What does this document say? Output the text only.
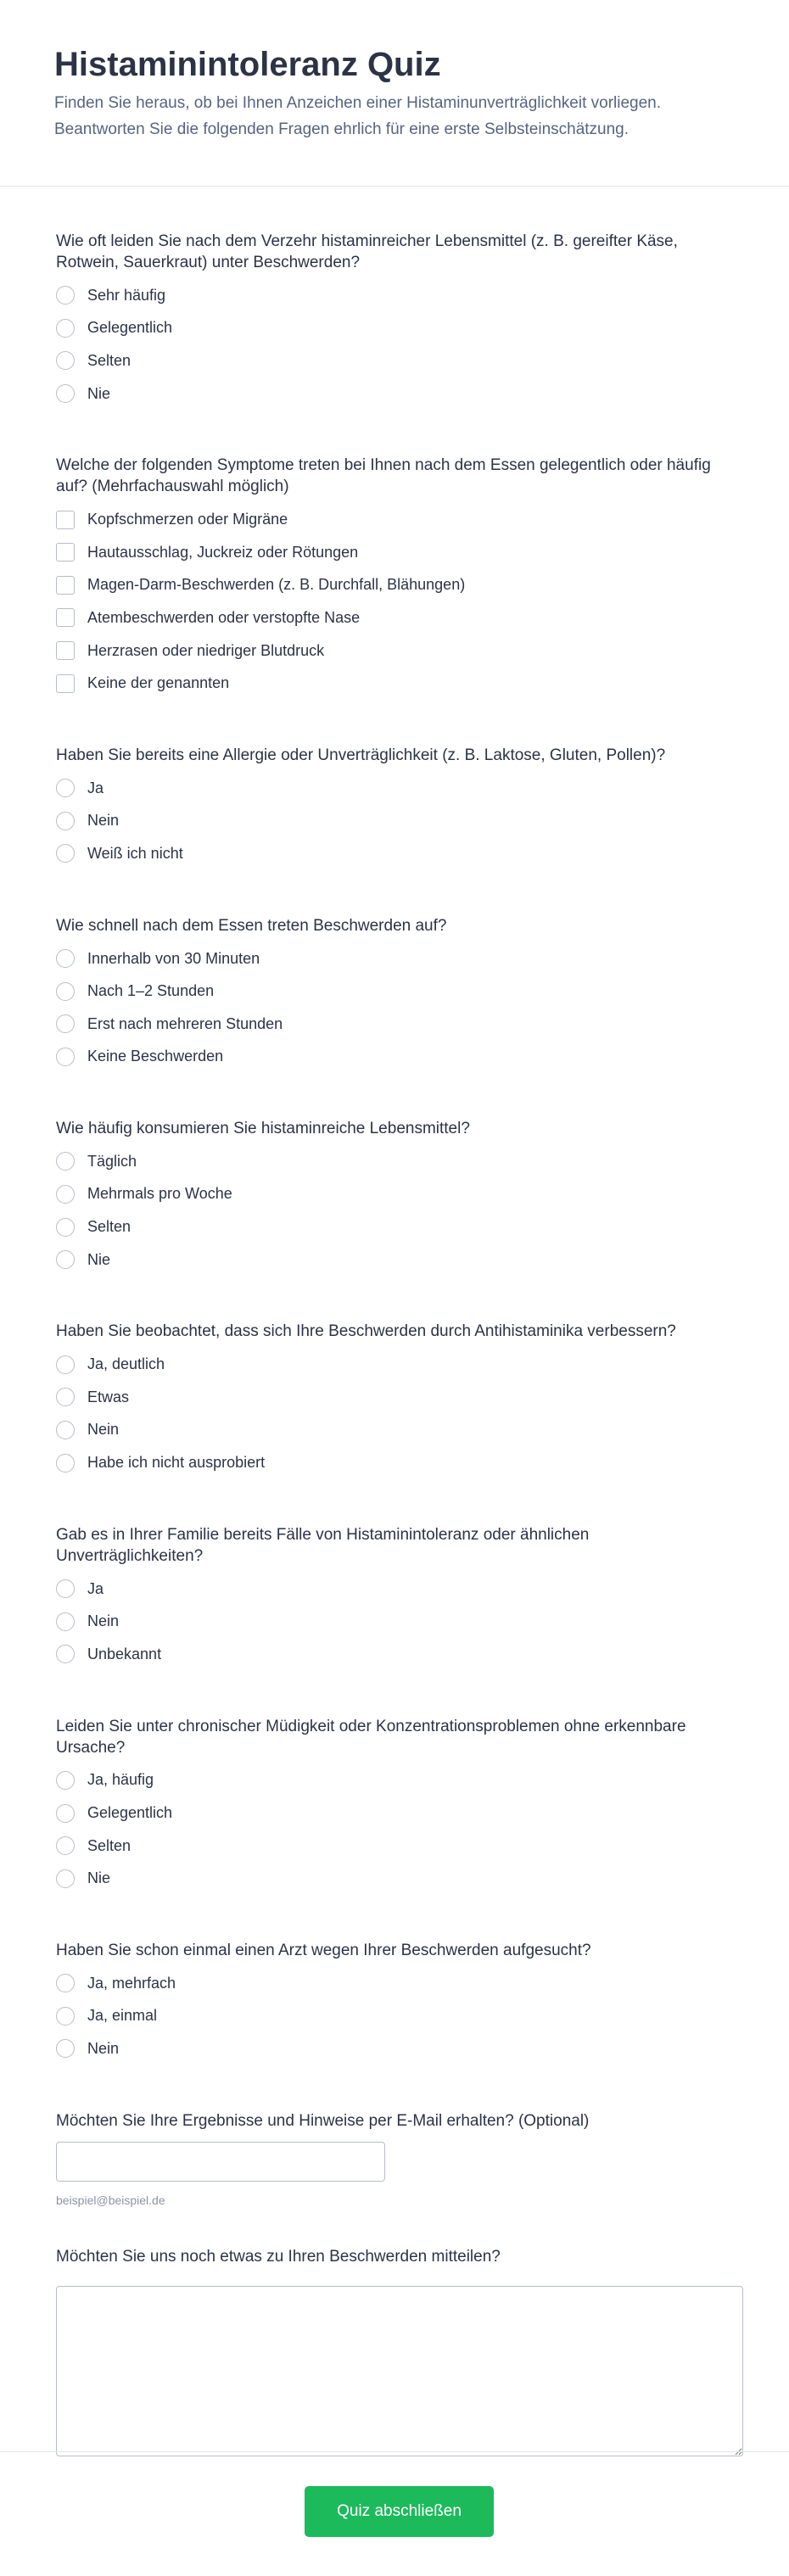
Histaminintoleranz Quiz

Finden Sie heraus, ob bei Ihnen Anzeichen einer Histaminunverträglichkeit vorliegen. Beantworten Sie die folgenden Fragen ehrlich für eine erste Selbsteinschätzung.

Wie oft leiden Sie nach dem Verzehr histaminreicher Lebensmittel (z. B. gereifter Käse, Rotwein, Sauerkraut) unter Beschwerden?
Sehr häufig
Gelegentlich
Selten
Nie
Welche der folgenden Symptome treten bei Ihnen nach dem Essen gelegentlich oder häufig auf? (Mehrfachauswahl möglich)
Kopfschmerzen oder Migräne
Hautausschlag, Juckreiz oder Rötungen
Magen-Darm-Beschwerden (z. B. Durchfall, Blähungen)
Atembeschwerden oder verstopfte Nase
Herzrasen oder niedriger Blutdruck
Keine der genannten
Haben Sie bereits eine Allergie oder Unverträglichkeit (z. B. Laktose, Gluten, Pollen)?
Ja
Nein
Weiß ich nicht
Wie schnell nach dem Essen treten Beschwerden auf?
Innerhalb von 30 Minuten
Nach 1–2 Stunden
Erst nach mehreren Stunden
Keine Beschwerden
Wie häufig konsumieren Sie histaminreiche Lebensmittel?
Täglich
Mehrmals pro Woche
Selten
Nie
Haben Sie beobachtet, dass sich Ihre Beschwerden durch Antihistaminika verbessern?
Ja, deutlich
Etwas
Nein
Habe ich nicht ausprobiert
Gab es in Ihrer Familie bereits Fälle von Histaminintoleranz oder ähnlichen Unverträglichkeiten?
Ja
Nein
Unbekannt
Leiden Sie unter chronischer Müdigkeit oder Konzentrationsproblemen ohne erkennbare Ursache?
Ja, häufig
Gelegentlich
Selten
Nie
Haben Sie schon einmal einen Arzt wegen Ihrer Beschwerden aufgesucht?
Ja, mehrfach
Ja, einmal
Nein
Möchten Sie Ihre Ergebnisse und Hinweise per E-Mail erhalten? (Optional)
beispiel@beispiel.de
Möchten Sie uns noch etwas zu Ihren Beschwerden mitteilen?
Quiz abschließen
